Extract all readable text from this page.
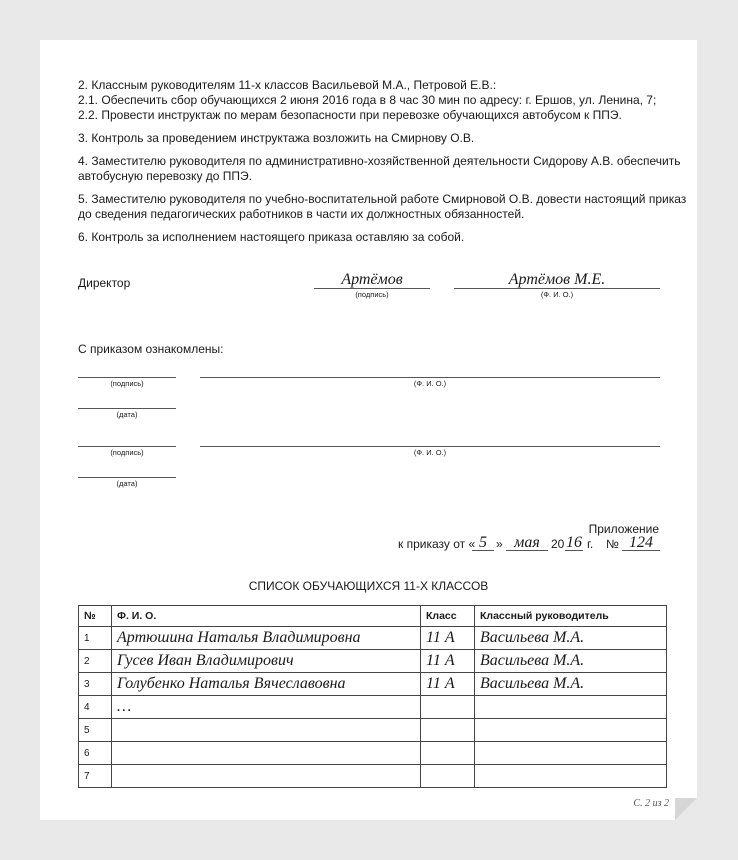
2. Классным руководителям 11-х классов Васильевой М.А., Петровой Е.В.:
2.1. Обеспечить сбор обучающихся 2 июня 2016 года в 8 час 30 мин по адресу: г. Ершов, ул. Ленина, 7;
2.2. Провести инструктаж по мерам безопасности при перевозке обучающихся автобусом к ППЭ.
3. Контроль за проведением инструктажа возложить на Смирнову О.В.
4. Заместителю руководителя по административно-хозяйственной деятельности Сидорову А.В. обеспечить
автобусную перевозку до ППЭ.
5. Заместителю руководителя по учебно-воспитательной работе Смирновой О.В. довести настоящий приказ
до сведения педагогических работников в части их должностных обязанностей.
6. Контроль за исполнением настоящего приказа оставляю за собой.
Директор	Артёмов
(подпись)
Артёмов М.Е.
(Ф. И. О.)
С приказом ознакомлены:
(подпись)	(Ф. И. О.)
(дата)
(подпись)	(Ф. И. О.)
(дата)
Приложение
к приказу от « 5 » мая 20 16 г. № 124
СПИСОК ОБУЧАЮЩИХСЯ 11-Х КЛАССОВ
№	Ф. И. О.	Класс	Классный руководитель
1	Артюшина Наталья Владимировна	11 А	Васильева М.А.
2	Гусев Иван Владимирович	11 А	Васильева М.А.
3	Голубенко Наталья Вячеславовна	11 А	Васильева М.А.
4	…		
5			
6			
7			
С. 2 из 2
